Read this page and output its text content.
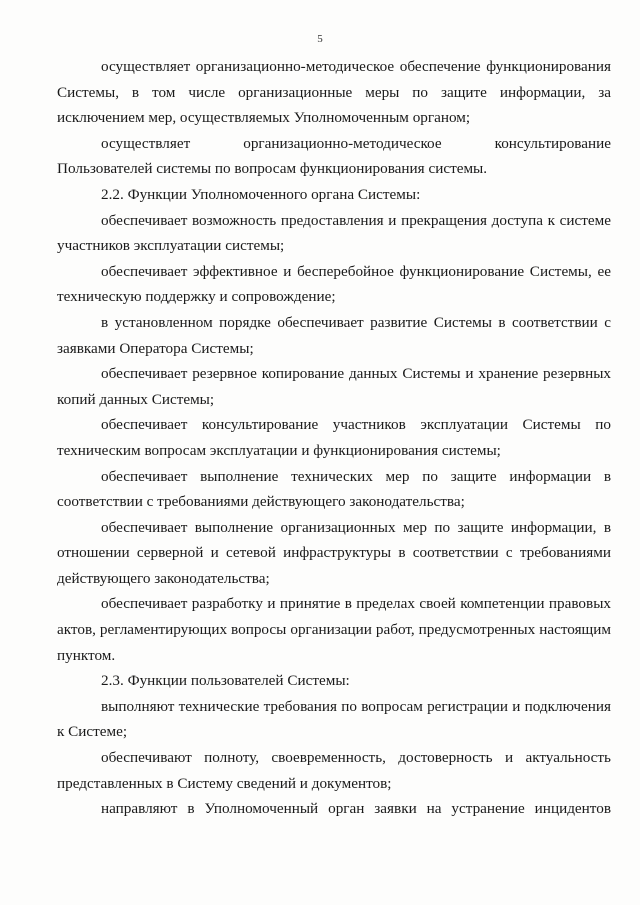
5

осуществляет организационно-методическое обеспечение функционирования Системы, в том числе организационные меры по защите информации, за исключением мер, осуществляемых Уполномоченным органом;

осуществляет организационно-методическое консультирование Пользователей системы по вопросам функционирования системы.

2.2. Функции Уполномоченного органа Системы:

обеспечивает возможность предоставления и прекращения доступа к системе участников эксплуатации системы;

обеспечивает эффективное и бесперебойное функционирование Системы, ее техническую поддержку и сопровождение;

в установленном порядке обеспечивает развитие Системы в соответствии с заявками Оператора Системы;

обеспечивает резервное копирование данных Системы и хранение резервных копий данных Системы;

обеспечивает консультирование участников эксплуатации Системы по техническим вопросам эксплуатации и функционирования системы;

обеспечивает выполнение технических мер по защите информации в соответствии с требованиями действующего законодательства;

обеспечивает выполнение организационных мер по защите информации, в отношении серверной и сетевой инфраструктуры в соответствии с требованиями действующего законодательства;

обеспечивает разработку и принятие в пределах своей компетенции правовых актов, регламентирующих вопросы организации работ, предусмотренных настоящим пунктом.

2.3. Функции пользователей Системы:

выполняют технические требования по вопросам регистрации и подключения к Системе;

обеспечивают полноту, своевременность, достоверность и актуальность представленных в Систему сведений и документов;

направляют в Уполномоченный орган заявки на устранение инцидентов
